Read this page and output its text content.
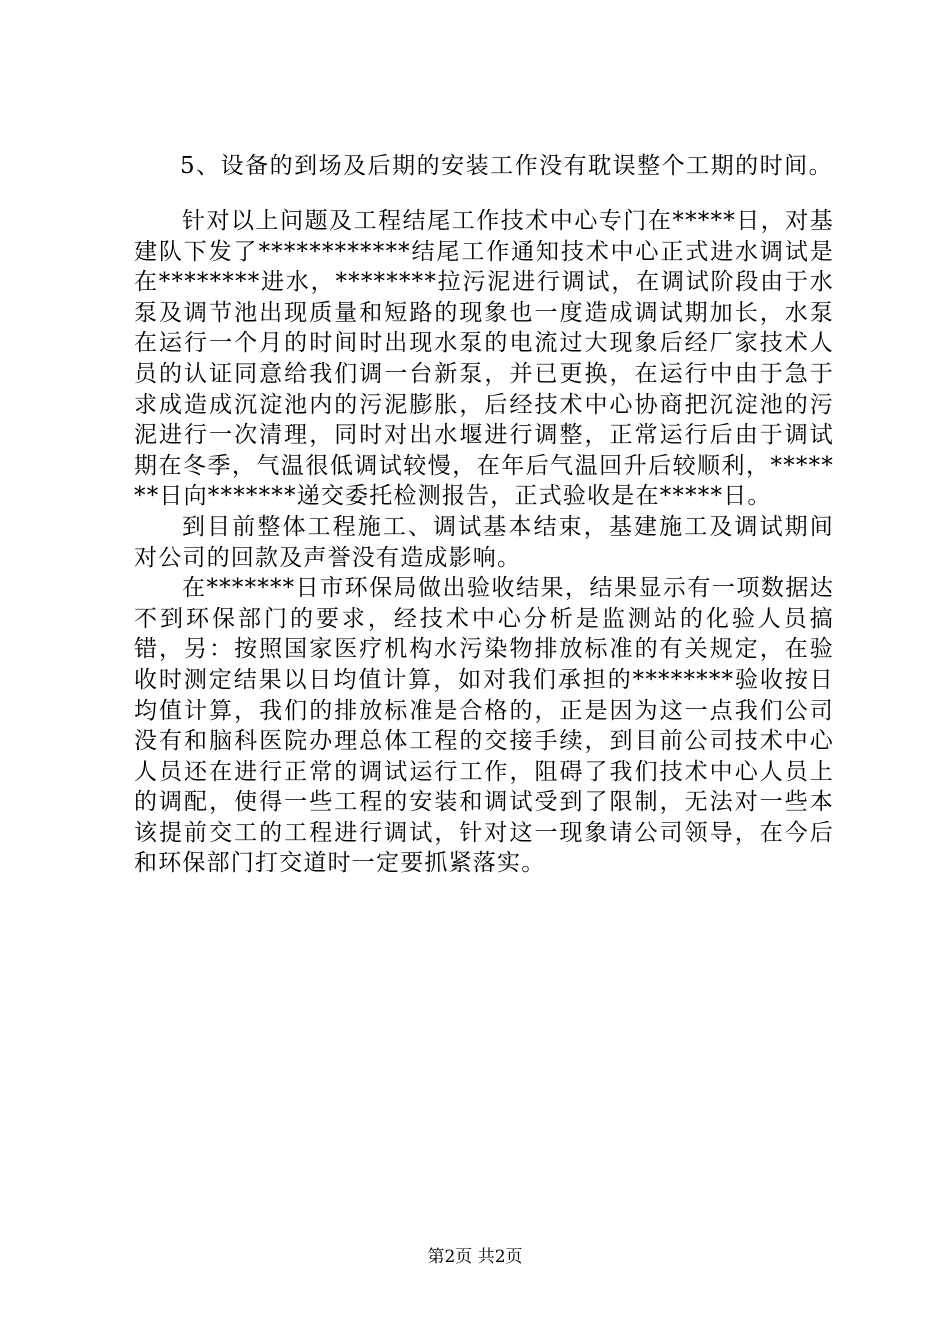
5、设备的到场及后期的安装工作没有耽误整个工期的时间。

针对以上问题及工程结尾工作技术中心专门在*****日，对基建队下发了************结尾工作通知技术中心正式进水调试是在********进水，********拉污泥进行调试，在调试阶段由于水泵及调节池出现质量和短路的现象也一度造成调试期加长，水泵在运行一个月的时间时出现水泵的电流过大现象后经厂家技术人员的认证同意给我们调一台新泵，并已更换，在运行中由于急于求成造成沉淀池内的污泥膨胀，后经技术中心协商把沉淀池的污泥进行一次清理，同时对出水堰进行调整，正常运行后由于调试期在冬季，气温很低调试较慢，在年后气温回升后较顺利，*******日向*******递交委托检测报告，正式验收是在*****日。

到目前整体工程施工、调试基本结束，基建施工及调试期间对公司的回款及声誉没有造成影响。

在*******日市环保局做出验收结果，结果显示有一项数据达不到环保部门的要求，经技术中心分析是监测站的化验人员搞错，另：按照国家医疗机构水污染物排放标准的有关规定，在验收时测定结果以日均值计算，如对我们承担的********验收按日均值计算，我们的排放标准是合格的，正是因为这一点我们公司没有和脑科医院办理总体工程的交接手续，到目前公司技术中心人员还在进行正常的调试运行工作，阻碍了我们技术中心人员上的调配，使得一些工程的安装和调试受到了限制，无法对一些本该提前交工的工程进行调试，针对这一现象请公司领导，在今后和环保部门打交道时一定要抓紧落实。

第2页 共2页
